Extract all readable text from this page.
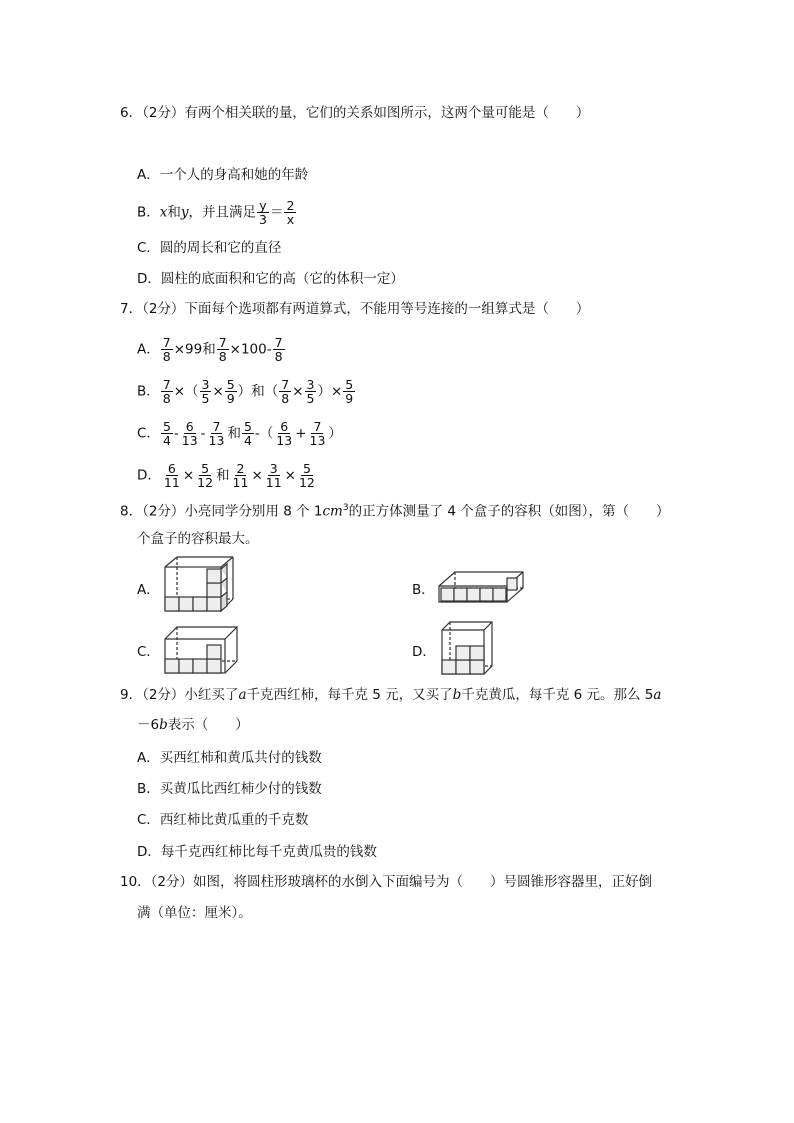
6．（2分）有两个相关联的量，它们的关系如图所示，这两个量可能是（　　）
A．一个人的身高和她的年龄
B．x和y，并且满足 $\frac{y}{3} = \frac{2}{x}$
C．圆的周长和它的直径
D．圆柱的底面积和它的高（它的体积一定）
7．（2分）下面每个选项都有两道算式，不能用等号连接的一组算式是（　　）
A． $\frac{7}{8} \times 99$和 $\frac{7}{8} \times 100- \frac{7}{8}$
B． $\frac{7}{8}$ ×（ $\frac{3}{5} \times \frac{5}{9}$ ）和（ $\frac{7}{8} \times \frac{3}{5}$ ）× $\frac{5}{9}$
C． $\frac{5}{4} - \frac{6}{13} - \frac{7}{13}$ 和 $\frac{5}{4}$ -（ $\frac{6}{13} + \frac{7}{13}$ ）
D． $\frac{6}{11} \times \frac{5}{12}$ 和 $\frac{2}{11} \times \frac{3}{11} \times \frac{5}{12}$
8．（2分）小亮同学分别用 8 个 $1cm^3$的正方体测量了 4 个盒子的容积（如图），第（　　）
个盒子的容积最大。
A．	B．
C．	D．
9．（2分）小红买了a千克西红柿，每千克 5 元，又买了b千克黄瓜，每千克 6 元。那么 5a
－6b表示（　　）
A．买西红柿和黄瓜共付的钱数
B．买黄瓜比西红柿少付的钱数
C．西红柿比黄瓜重的千克数
D．每千克西红柿比每千克黄瓜贵的钱数
10．（2分）如图，将圆柱形玻璃杯的水倒入下面编号为（　　）号圆锥形容器里，正好倒
满（单位：厘米）。
